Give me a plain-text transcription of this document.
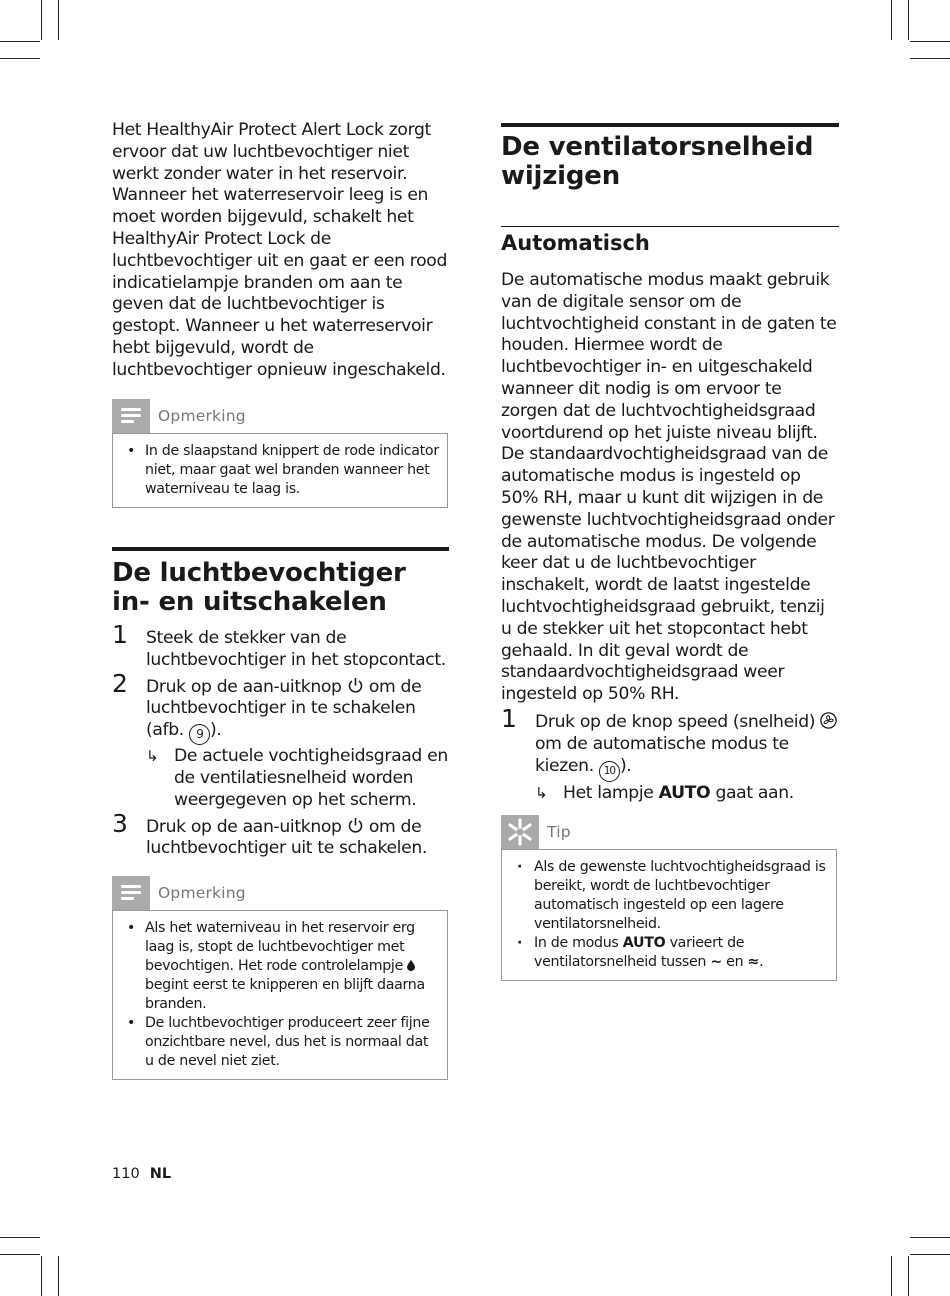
Het HealthyAir Protect Alert Lock zorgt ervoor dat uw luchtbevochtiger niet werkt zonder water in het reservoir. Wanneer het waterreservoir leeg is en moet worden bijgevuld, schakelt het HealthyAir Protect Lock de luchtbevochtiger uit en gaat er een rood indicatielampje branden om aan te geven dat de luchtbevochtiger is gestopt. Wanneer u het waterreservoir hebt bijgevuld, wordt de luchtbevochtiger opnieuw ingeschakeld.

Opmerking
• In de slaapstand knippert de rode indicator niet, maar gaat wel branden wanneer het waterniveau te laag is.
De luchtbevochtiger in- en uitschakelen
1 Steek de stekker van de luchtbevochtiger in het stopcontact.
2 Druk op de aan-uitknop om de luchtbevochtiger in te schakelen (afb. 9 ).
↳ De actuele vochtigheidsgraad en de ventilatiesnelheid worden weergegeven op het scherm.
3 Druk op de aan-uitknop om de luchtbevochtiger uit te schakelen.
Opmerking
• Als het waterniveau in het reservoir erg laag is, stopt de luchtbevochtiger met bevochtigen. Het rode controlelampje  begint eerst te knipperen en blijft daarna branden.
• De luchtbevochtiger produceert zeer fijne onzichtbare nevel, dus het is normaal dat u de nevel niet ziet.
De ventilatorsnelheid wijzigen
Automatisch

De automatische modus maakt gebruik van de digitale sensor om de luchtvochtigheid constant in de gaten te houden. Hiermee wordt de luchtbevochtiger in- en uitgeschakeld wanneer dit nodig is om ervoor te zorgen dat de luchtvochtigheidsgraad voortdurend op het juiste niveau blijft. De standaardvochtigheidsgraad van de automatische modus is ingesteld op 50% RH, maar u kunt dit wijzigen in de gewenste luchtvochtigheidsgraad onder de automatische modus. De volgende keer dat u de luchtbevochtiger inschakelt, wordt de laatst ingestelde luchtvochtigheidsgraad gebruikt, tenzij u de stekker uit het stopcontact hebt gehaald. In dit geval wordt de standaardvochtigheidsgraad weer ingesteld op 50% RH.

1 Druk op de knop speed (snelheid)  om de automatische modus te kiezen. 10 ).
↳ Het lampje AUTO gaat aan.
Tip
· Als de gewenste luchtvochtigheidsgraad is bereikt, wordt de luchtbevochtiger automatisch ingesteld op een lagere ventilatorsnelheid.
· In de modus AUTO varieert de ventilatorsnelheid tussen ∼ en ≈.
110 NL
